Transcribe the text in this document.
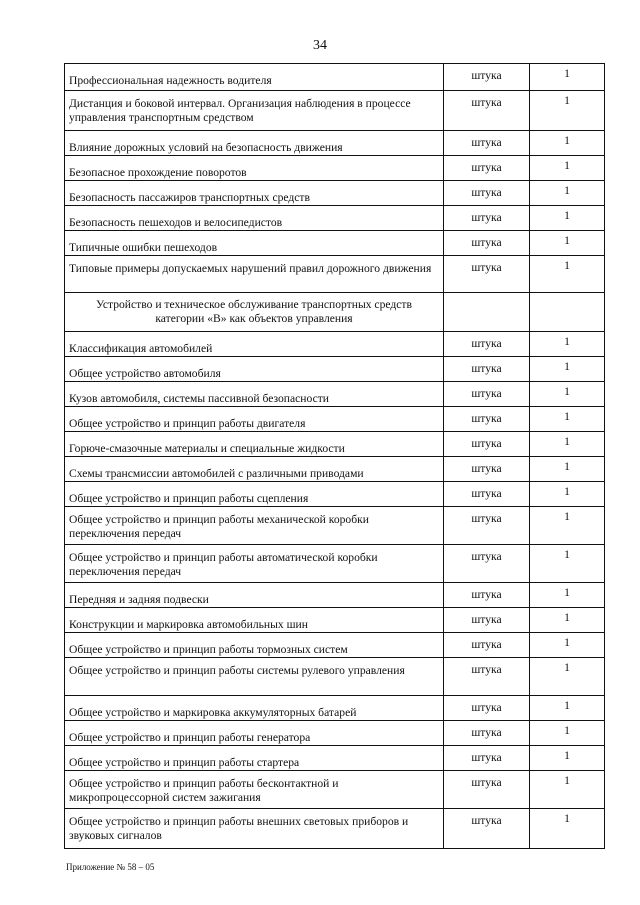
34
Профессиональная надежность водителя	штука	1

Дистанция и боковой интервал. Организация наблюдения в процессе управления транспортным средством	штука	1

Влияние дорожных условий на безопасность движения	штука	1

Безопасное прохождение поворотов	штука	1

Безопасность пассажиров транспортных средств	штука	1

Безопасность пешеходов и велосипедистов	штука	1

Типичные ошибки пешеходов	штука	1

Типовые примеры допускаемых нарушений правил дорожного движения	штука	1
Устройство и техническое обслуживание транспортных средств категории «В» как объектов управления		

Классификация автомобилей	штука	1

Общее устройство автомобиля	штука	1

Кузов автомобиля, системы пассивной безопасности	штука	1

Общее устройство и принцип работы двигателя	штука	1

Горюче-смазочные материалы и специальные жидкости	штука	1

Схемы трансмиссии автомобилей с различными приводами	штука	1

Общее устройство и принцип работы сцепления	штука	1

Общее устройство и принцип работы механической коробки переключения передач	штука	1

Общее устройство и принцип работы автоматической коробки переключения передач	штука	1

Передняя и задняя подвески	штука	1

Конструкции и маркировка автомобильных шин	штука	1

Общее устройство и принцип работы тормозных систем	штука	1

Общее устройство и принцип работы системы рулевого управления	штука	1

Общее устройство и маркировка аккумуляторных батарей	штука	1

Общее устройство и принцип работы генератора	штука	1

Общее устройство и принцип работы стартера	штука	1

Общее устройство и принцип работы бесконтактной и микропроцессорной систем зажигания	штука	1

Общее устройство и принцип работы внешних световых приборов и звуковых сигналов	штука	1
Приложение № 58 – 05
